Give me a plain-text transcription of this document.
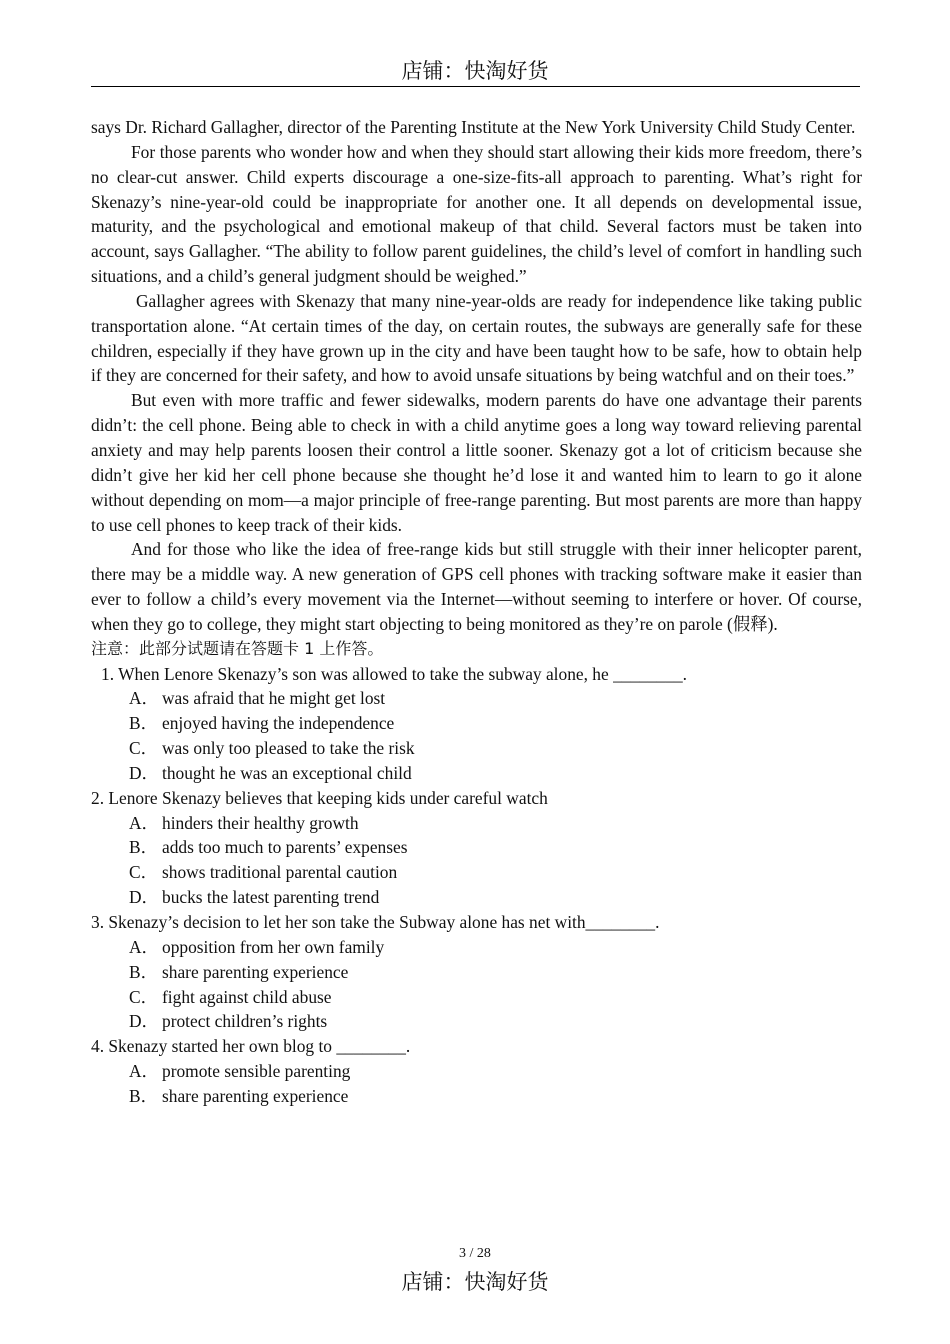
店铺：快淘好货

says Dr. Richard Gallagher, director of the Parenting Institute at the New York University Child Study Center.

For those parents who wonder how and when they should start allowing their kids more freedom, there’s no clear-cut answer. Child experts discourage a one-size-fits-all approach to parenting. What’s right for Skenazy’s nine-year-old could be inappropriate for another one. It all depends on developmental issue, maturity, and the psychological and emotional makeup of that child. Several factors must be taken into account, says Gallagher. “The ability to follow parent guidelines, the child’s level of comfort in handling such situations, and a child’s general judgment should be weighed.”

Gallagher agrees with Skenazy that many nine-year-olds are ready for independence like taking public transportation alone. “At certain times of the day, on certain routes, the subways are generally safe for these children, especially if they have grown up in the city and have been taught how to be safe, how to obtain help if they are concerned for their safety, and how to avoid unsafe situations by being watchful and on their toes.”

But even with more traffic and fewer sidewalks, modern parents do have one advantage their parents didn’t: the cell phone. Being able to check in with a child anytime goes a long way toward relieving parental anxiety and may help parents loosen their control a little sooner. Skenazy got a lot of criticism because she didn’t give her kid her cell phone because she thought he’d lose it and wanted him to learn to go it alone without depending on mom—a major principle of free-range parenting. But most parents are more than happy to use cell phones to keep track of their kids.

And for those who like the idea of free-range kids but still struggle with their inner helicopter parent, there may be a middle way. A new generation of GPS cell phones with tracking software make it easier than ever to follow a child’s every movement via the Internet—without seeming to interfere or hover. Of course, when they go to college, they might start objecting to being monitored as they’re on parole (假释).

注意：此部分试题请在答题卡 1 上作答。

1. When Lenore Skenazy’s son was allowed to take the subway alone, he ________.

A． was afraid that he might get lost

B． enjoyed having the independence

C． was only too pleased to take the risk

D． thought he was an exceptional child

2. Lenore Skenazy believes that keeping kids under careful watch

A． hinders their healthy growth

B． adds too much to parents’ expenses

C． shows traditional parental caution

D． bucks the latest parenting trend

3. Skenazy’s decision to let her son take the Subway alone has net with________.

A． opposition from her own family

B． share parenting experience

C． fight against child abuse

D． protect children’s rights

4. Skenazy started her own blog to ________.

A． promote sensible parenting

B． share parenting experience

3 / 28
店铺：快淘好货
